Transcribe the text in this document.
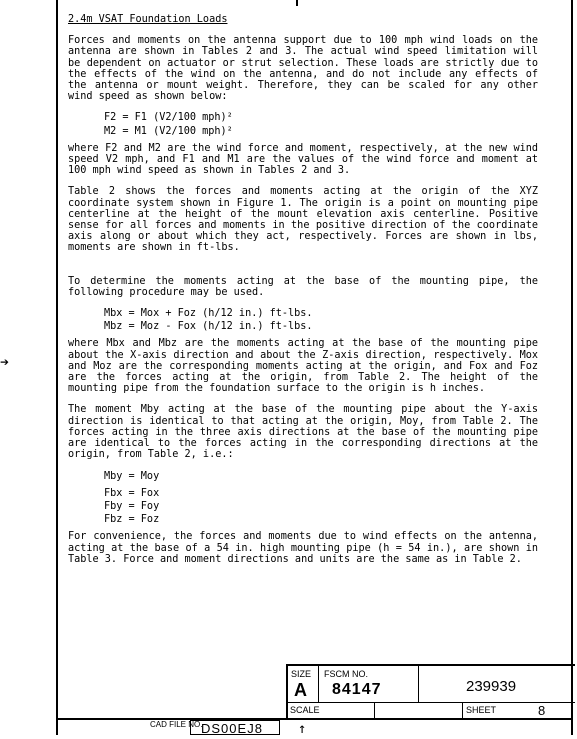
➔
2.4m VSAT Foundation Loads

Forces and moments on the antenna support due to 100 mph wind loads on the antenna are shown in Tables 2 and 3. The actual wind speed limitation will be dependent on actuator or strut selection. These loads are strictly due to the effects of the wind on the antenna, and do not include any effects of the antenna or mount weight. Therefore, they can be scaled for any other wind speed as shown below:

F2 = F1 (V2/100 mph)²
M2 = M1 (V2/100 mph)²

where F2 and M2 are the wind force and moment, respectively, at the new wind speed V2 mph, and F1 and M1 are the values of the wind force and moment at 100 mph wind speed as shown in Tables 2 and 3.

Table 2 shows the forces and moments acting at the origin of the XYZ coordinate system shown in Figure 1. The origin is a point on mounting pipe centerline at the height of the mount elevation axis centerline. Positive sense for all forces and moments in the positive direction of the coordinate axis along or about which they act, respectively. Forces are shown in lbs, moments are shown in ft-lbs.

To determine the moments acting at the base of the mounting pipe, the following procedure may be used.

Mbx = Mox + Foz (h/12 in.) ft-lbs.
Mbz = Moz - Fox (h/12 in.) ft-lbs.

where Mbx and Mbz are the moments acting at the base of the mounting pipe about the X-axis direction and about the Z-axis direction, respectively. Mox and Moz are the corresponding moments acting at the origin, and Fox and Foz are the forces acting at the origin, from Table 2. The height of the mounting pipe from the foundation surface to the origin is h inches.

The moment Mby acting at the base of the mounting pipe about the Y-axis direction is identical to that acting at the origin, Moy, from Table 2. The forces acting in the three axis directions at the base of the mounting pipe are identical to the forces acting in the corresponding directions at the origin, from Table 2, i.e.:

Mby = Moy
Fbx = Fox
Fby = Foy
Fbz = Foz

For convenience, the forces and moments due to wind effects on the antenna, acting at the base of a 54 in. high mounting pipe (h = 54 in.), are shown in Table 3. Force and moment directions and units are the same as in Table 2.

SIZE
A
FSCM NO.
84147	239939
SCALE	SHEET	8
CAD FILE NO.
DS00EJ8	↑
